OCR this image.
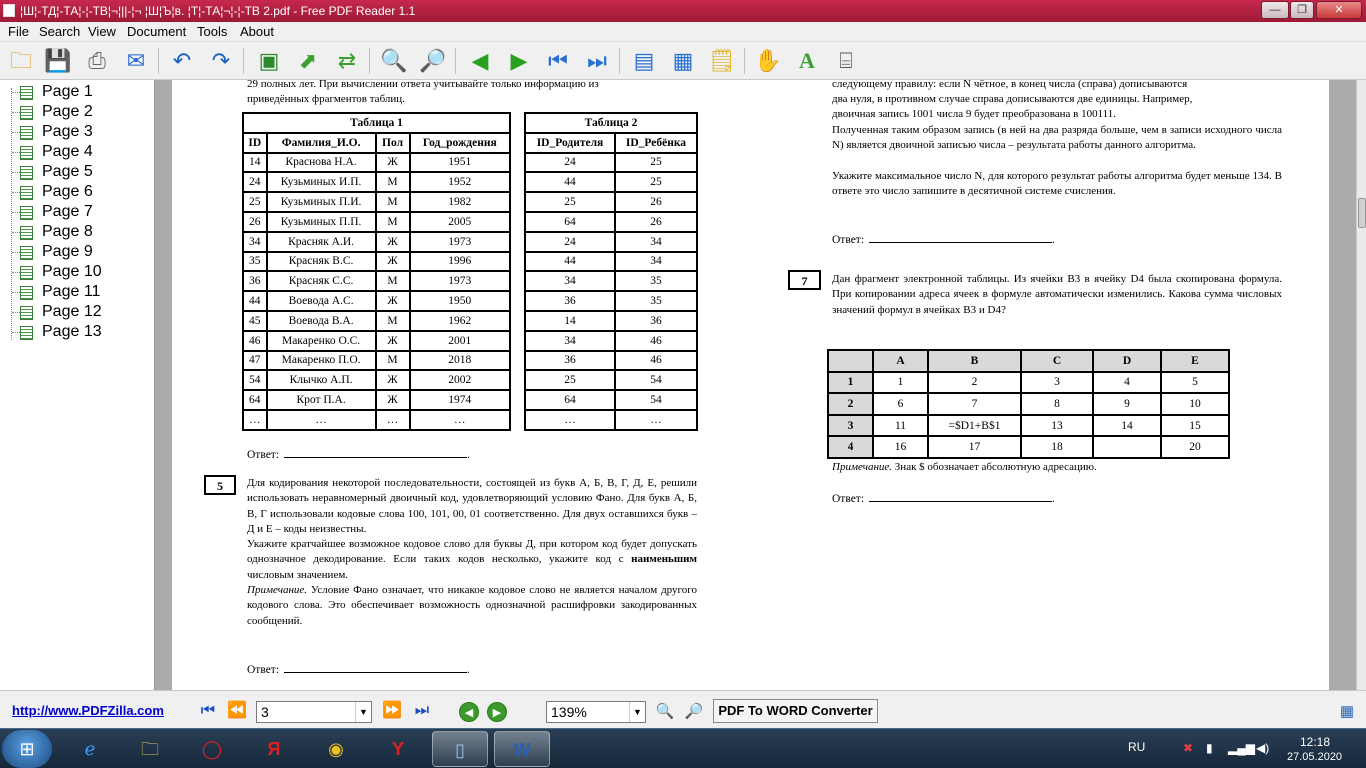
¦Ш¦-ТД¦-ТА¦-¦-ТВ¦¬¦||-¦¬ ¦Ш¦Ъ¦в. ¦Т¦-ТА¦¬¦-¦-ТВ 2.pdf - Free PDF Reader 1.1	—	❐	✕
File Search View Document Tools About
🗀 💾 ⎙ ✉ ↶ ↷ ▣ ⬈ ⇄ 🔍 🔎 ◀ ▶ ⏮ ⏭ ▤ ▦ 🗒 ✋ A	⌸
Page 1
Page 2
Page 3
Page 4
Page 5
Page 6
Page 7
Page 8
Page 9
Page 10
Page 11
Page 12
Page 13
29 полных лет. При вычислении ответа учитывайте только информацию из
приведённых фрагментов таблиц.
Таблица 1			
ID	Фамилия_И.О.	Пол	Год_рождения
14	Краснова Н.А.	Ж	1951
24	Кузьминых И.П.	М	1952
25	Кузьминых П.И.	М	1982
26	Кузьминых П.П.	М	2005
34	Красняк А.И.	Ж	1973
35	Красняк В.С.	Ж	1996
36	Красняк С.С.	М	1973
44	Воевода А.С.	Ж	1950
45	Воевода В.А.	М	1962
46	Макаренко О.С.	Ж	2001
47	Макаренко П.О.	М	2018
54	Клычко А.П.	Ж	2002
64	Крот П.А.	Ж	1974
…	…	…	…
Таблица 2	
ID_Родителя	ID_Ребёнка
24	25
44	25
25	26
64	26
24	34
44	34
34	35
36	35
14	36
34	46
36	46
25	54
64	54
…	…
Ответ:	.
5	Для кодирования некоторой последовательности, состоящей из букв А, Б, В, Г, Д, Е, решили использовать неравномерный двоичный код, удовлетворяющий условию Фано. Для букв А, Б, В, Г использовали кодовые слова 100, 101, 00, 01 соответственно. Для двух оставшихся букв – Д и Е – коды неизвестны.
Укажите кратчайшее возможное кодовое слово для буквы Д, при котором код будет допускать однозначное декодирование. Если таких кодов несколько, укажите код с наименьшим числовым значением.
Примечание. Условие Фано означает, что никакое кодовое слово не является началом другого кодового слова. Это обеспечивает возможность однозначной расшифровки закодированных сообщений.
Ответ:	.
следующему правилу: если N чётное, в конец числа (справа) дописываются
два нуля, в противном случае справа дописываются две единицы. Например,
двоичная запись 1001 числа 9 будет преобразована в 100111.
Полученная таким образом запись (в ней на два разряда больше, чем в записи исходного числа N) является двоичной записью числа – результата работы данного алгоритма.
Укажите максимальное число N, для которого результат работы алгоритма будет меньше 134. В ответе это число запишите в десятичной системе счисления.
Ответ:	.
7	Дан фрагмент электронной таблицы. Из ячейки B3 в ячейку D4 была скопирована формула. При копировании адреса ячеек в формуле автоматически изменились. Какова сумма числовых значений формул в ячейках B3 и D4?
	A	B	C	D	E
1	1	2	3	4	5
2	6	7	8	9	10
3	11	=$D1+B$1	13	14	15
4	16	17	18		20
Примечание. Знак $ обозначает абсолютную адресацию.
Ответ:	.
http://www.PDFZilla.com ⏮ ⏪	3	▼ ⏩ ⏭	◀	▶	139%	▼ 🔍 🔎	PDF To WORD Converter	▦
⊞	ℯ	🗀	◯	Я	◉	Y	▯	W	RU	✖ ▮ ▂▄▆ ◀)	12:18
27.05.2020
